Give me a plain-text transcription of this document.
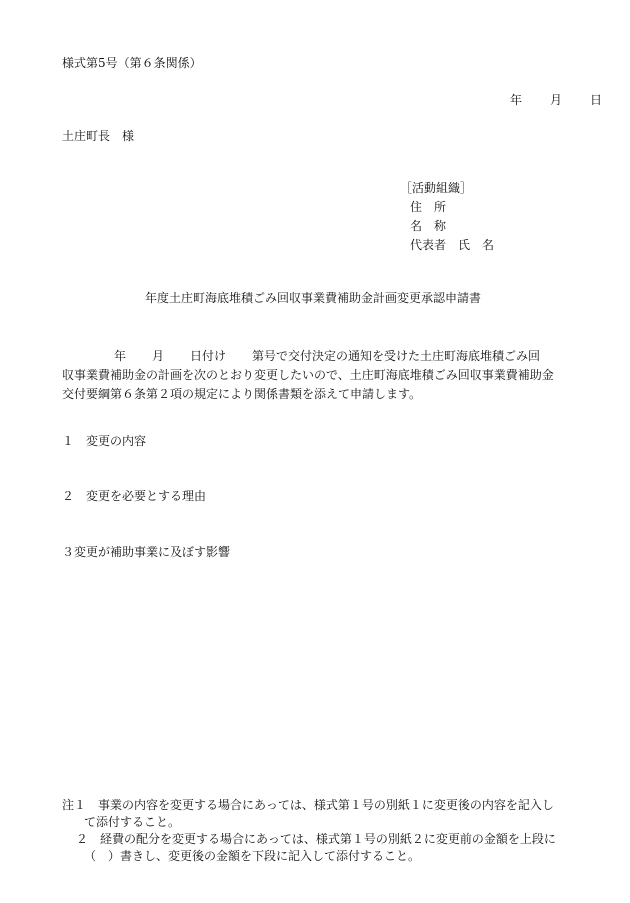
様式第5号（第６条関係）
年 月 日
土庄町長　様
［活動組織］
住　所
名　称
代表者　氏　名
年度土庄町海底堆積ごみ回収事業費補助金計画変更承認申請書
年 月 日付け 第号で交付決定の通知を受けた土庄町海底堆積ごみ回
収事業費補助金の計画を次のとおり変更したいので、土庄町海底堆積ごみ回収事業費補助金
交付要綱第６条第２項の規定により関係書類を添えて申請します。
１　変更の内容
２　変更を必要とする理由
３変更が補助事業に及ぼす影響
注１　事業の内容を変更する場合にあっては、様式第１号の別紙１に変更後の内容を記入し
て添付すること。
２　経費の配分を変更する場合にあっては、様式第１号の別紙２に変更前の金額を上段に
（　）書きし、変更後の金額を下段に記入して添付すること。
